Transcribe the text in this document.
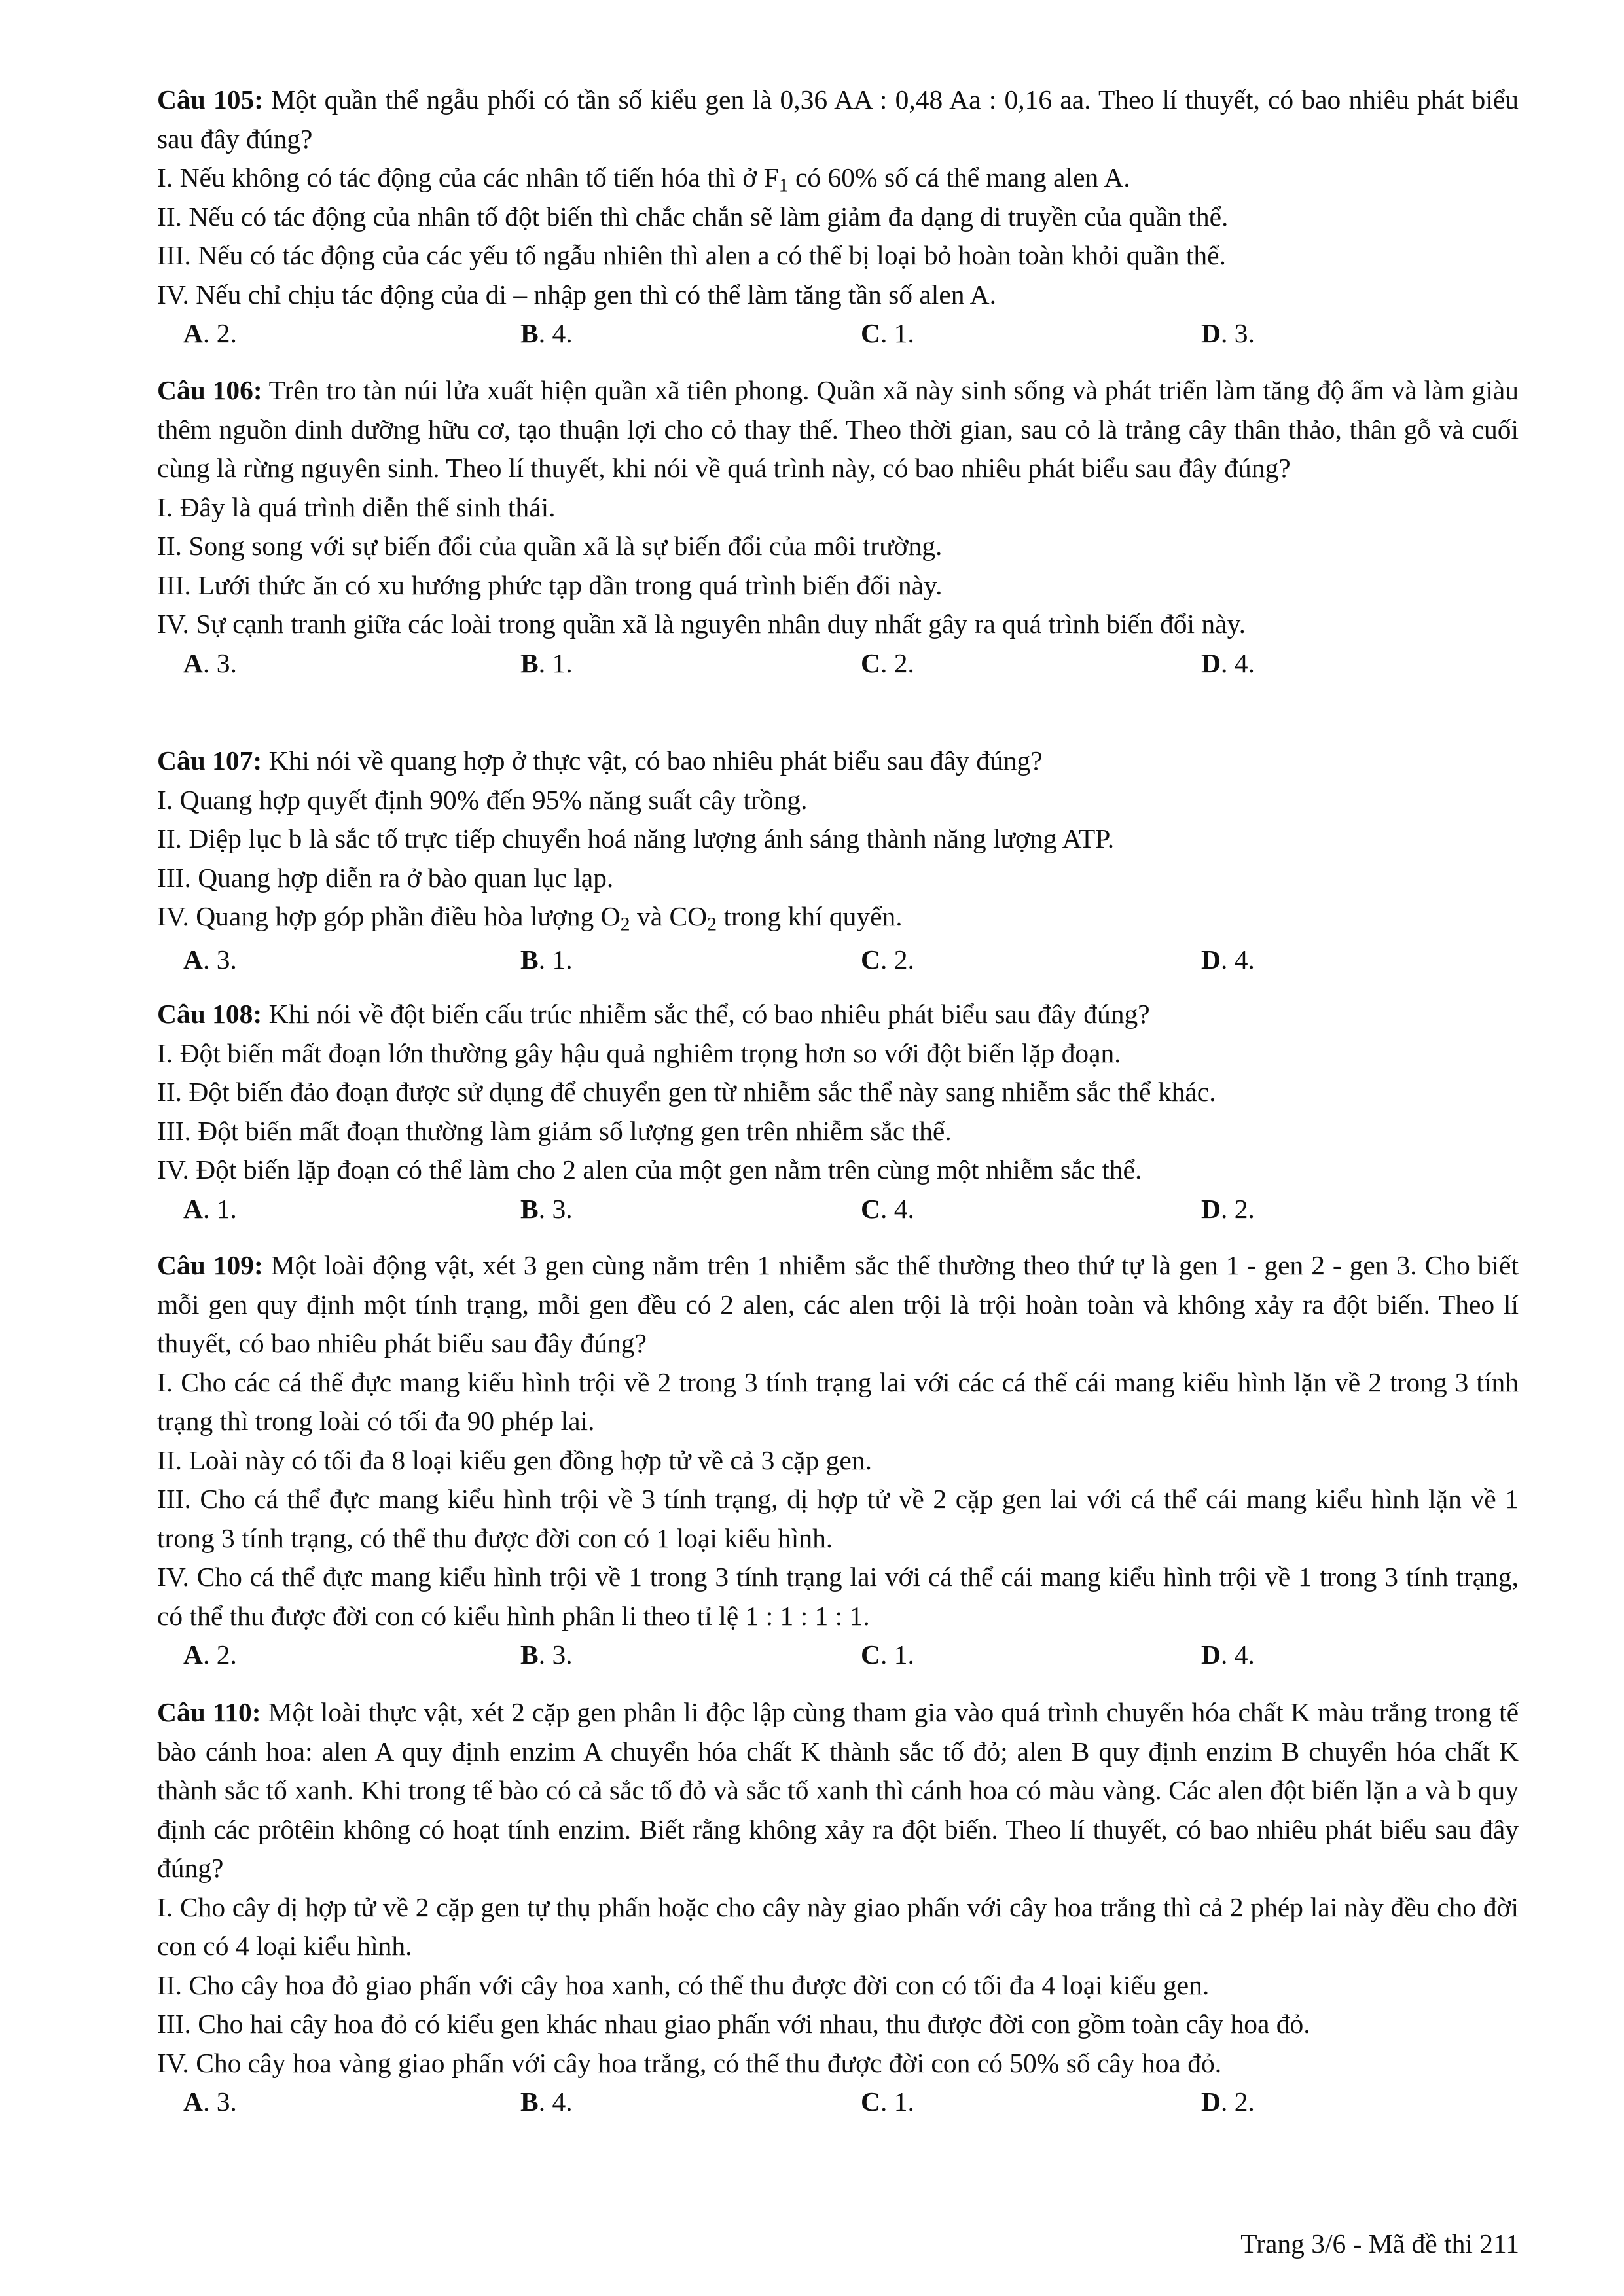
Câu 105: Một quần thể ngẫu phối có tần số kiểu gen là 0,36 AA : 0,48 Aa : 0,16 aa. Theo lí thuyết, có bao nhiêu phát biểu sau đây đúng?

I. Nếu không có tác động của các nhân tố tiến hóa thì ở $F_1$ có 60% số cá thể mang alen A.

II. Nếu có tác động của nhân tố đột biến thì chắc chắn sẽ làm giảm đa dạng di truyền của quần thể.

III. Nếu có tác động của các yếu tố ngẫu nhiên thì alen a có thể bị loại bỏ hoàn toàn khỏi quần thể.

IV. Nếu chỉ chịu tác động của di – nhập gen thì có thể làm tăng tần số alen A.

A. 2.	B. 4.	C. 1.	D. 3.

Câu 106: Trên tro tàn núi lửa xuất hiện quần xã tiên phong. Quần xã này sinh sống và phát triển làm tăng độ ẩm và làm giàu thêm nguồn dinh dưỡng hữu cơ, tạo thuận lợi cho cỏ thay thế. Theo thời gian, sau cỏ là trảng cây thân thảo, thân gỗ và cuối cùng là rừng nguyên sinh. Theo lí thuyết, khi nói về quá trình này, có bao nhiêu phát biểu sau đây đúng?

I. Đây là quá trình diễn thế sinh thái.

II. Song song với sự biến đổi của quần xã là sự biến đổi của môi trường.

III. Lưới thức ăn có xu hướng phức tạp dần trong quá trình biến đổi này.

IV. Sự cạnh tranh giữa các loài trong quần xã là nguyên nhân duy nhất gây ra quá trình biến đổi này.

A. 3.	B. 1.	C. 2.	D. 4.

Câu 107: Khi nói về quang hợp ở thực vật, có bao nhiêu phát biểu sau đây đúng?

I. Quang hợp quyết định 90% đến 95% năng suất cây trồng.

II. Diệp lục b là sắc tố trực tiếp chuyển hoá năng lượng ánh sáng thành năng lượng ATP.

III. Quang hợp diễn ra ở bào quan lục lạp.

IV. Quang hợp góp phần điều hòa lượng $O_2$ và $CO_2$ trong khí quyển.

A. 3.	B. 1.	C. 2.	D. 4.

Câu 108: Khi nói về đột biến cấu trúc nhiễm sắc thể, có bao nhiêu phát biểu sau đây đúng?

I. Đột biến mất đoạn lớn thường gây hậu quả nghiêm trọng hơn so với đột biến lặp đoạn.

II. Đột biến đảo đoạn được sử dụng để chuyển gen từ nhiễm sắc thể này sang nhiễm sắc thể khác.

III. Đột biến mất đoạn thường làm giảm số lượng gen trên nhiễm sắc thể.

IV. Đột biến lặp đoạn có thể làm cho 2 alen của một gen nằm trên cùng một nhiễm sắc thể.

A. 1.	B. 3.	C. 4.	D. 2.

Câu 109: Một loài động vật, xét 3 gen cùng nằm trên 1 nhiễm sắc thể thường theo thứ tự là gen 1 - gen 2 - gen 3. Cho biết mỗi gen quy định một tính trạng, mỗi gen đều có 2 alen, các alen trội là trội hoàn toàn và không xảy ra đột biến. Theo lí thuyết, có bao nhiêu phát biểu sau đây đúng?

I. Cho các cá thể đực mang kiểu hình trội về 2 trong 3 tính trạng lai với các cá thể cái mang kiểu hình lặn về 2 trong 3 tính trạng thì trong loài có tối đa 90 phép lai.

II. Loài này có tối đa 8 loại kiểu gen đồng hợp tử về cả 3 cặp gen.

III. Cho cá thể đực mang kiểu hình trội về 3 tính trạng, dị hợp tử về 2 cặp gen lai với cá thể cái mang kiểu hình lặn về 1 trong 3 tính trạng, có thể thu được đời con có 1 loại kiểu hình.

IV. Cho cá thể đực mang kiểu hình trội về 1 trong 3 tính trạng lai với cá thể cái mang kiểu hình trội về 1 trong 3 tính trạng, có thể thu được đời con có kiểu hình phân li theo tỉ lệ 1 : 1 : 1 : 1.

A. 2.	B. 3.	C. 1.	D. 4.

Câu 110: Một loài thực vật, xét 2 cặp gen phân li độc lập cùng tham gia vào quá trình chuyển hóa chất K màu trắng trong tế bào cánh hoa: alen A quy định enzim A chuyển hóa chất K thành sắc tố đỏ; alen B quy định enzim B chuyển hóa chất K thành sắc tố xanh. Khi trong tế bào có cả sắc tố đỏ và sắc tố xanh thì cánh hoa có màu vàng. Các alen đột biến lặn a và b quy định các prôtêin không có hoạt tính enzim. Biết rằng không xảy ra đột biến. Theo lí thuyết, có bao nhiêu phát biểu sau đây đúng?

I. Cho cây dị hợp tử về 2 cặp gen tự thụ phấn hoặc cho cây này giao phấn với cây hoa trắng thì cả 2 phép lai này đều cho đời con có 4 loại kiểu hình.

II. Cho cây hoa đỏ giao phấn với cây hoa xanh, có thể thu được đời con có tối đa 4 loại kiểu gen.

III. Cho hai cây hoa đỏ có kiểu gen khác nhau giao phấn với nhau, thu được đời con gồm toàn cây hoa đỏ.

IV. Cho cây hoa vàng giao phấn với cây hoa trắng, có thể thu được đời con có 50% số cây hoa đỏ.

A. 3.	B. 4.	C. 1.	D. 2.
Trang 3/6 - Mã đề thi 211
